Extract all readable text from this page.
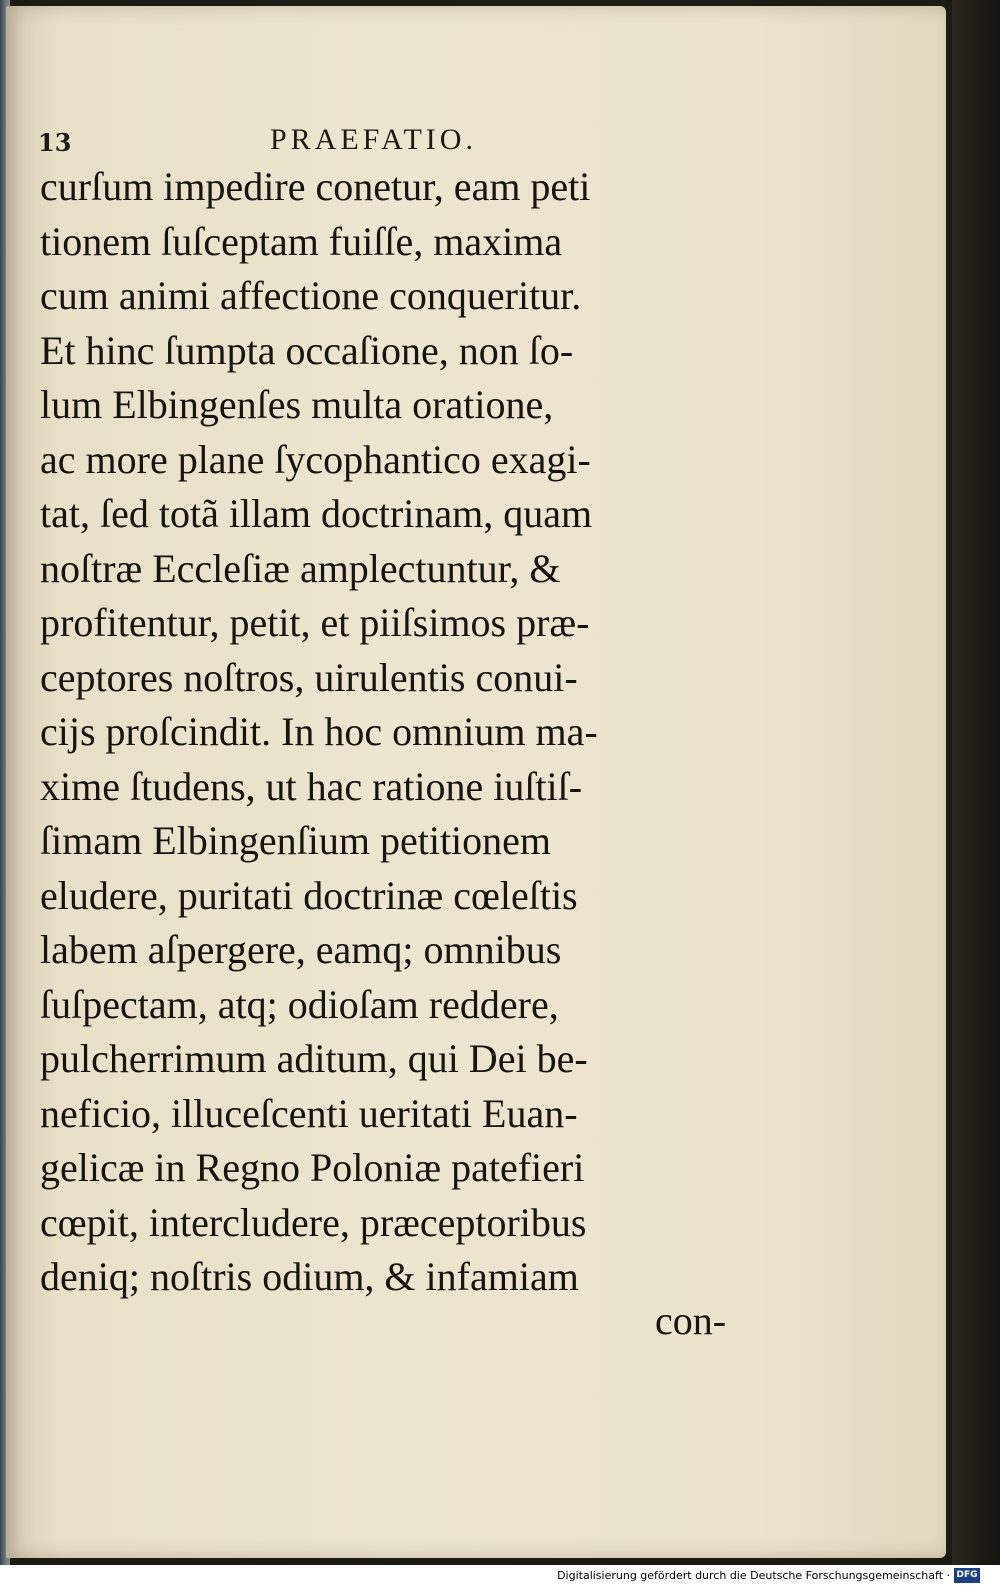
13	PRAEFATIO.
curſum impedire conetur, eam peti
tionem ſuſceptam fuiſſe, maxima
cum animi affectione conqueritur.
Et hinc ſumpta occaſione, non ſo-
lum Elbingenſes multa oratione,
ac more plane ſycophantico exagi-
tat, ſed totã illam doctrinam, quam
noſtræ Eccleſiæ amplectuntur, &
profitentur, petit, et piiſsimos præ-
ceptores noſtros, uirulentis conui-
cijs proſcindit. In hoc omnium ma-
xime ſtudens, ut hac ratione iuſtiſ-
ſimam Elbingenſium petitionem
eludere, puritati doctrinæ cœleſtis
labem aſpergere, eamq; omnibus
ſuſpectam, atq; odioſam reddere,
pulcherrimum aditum, qui Dei be-
neficio, illuceſcenti ueritati Euan-
gelicæ in Regno Poloniæ patefieri
cœpit, intercludere, præceptoribus
deniq; noſtris odium, & infamiam
con-
Digitalisierung gefördert durch die Deutsche Forschungsgemeinschaft · DFG
